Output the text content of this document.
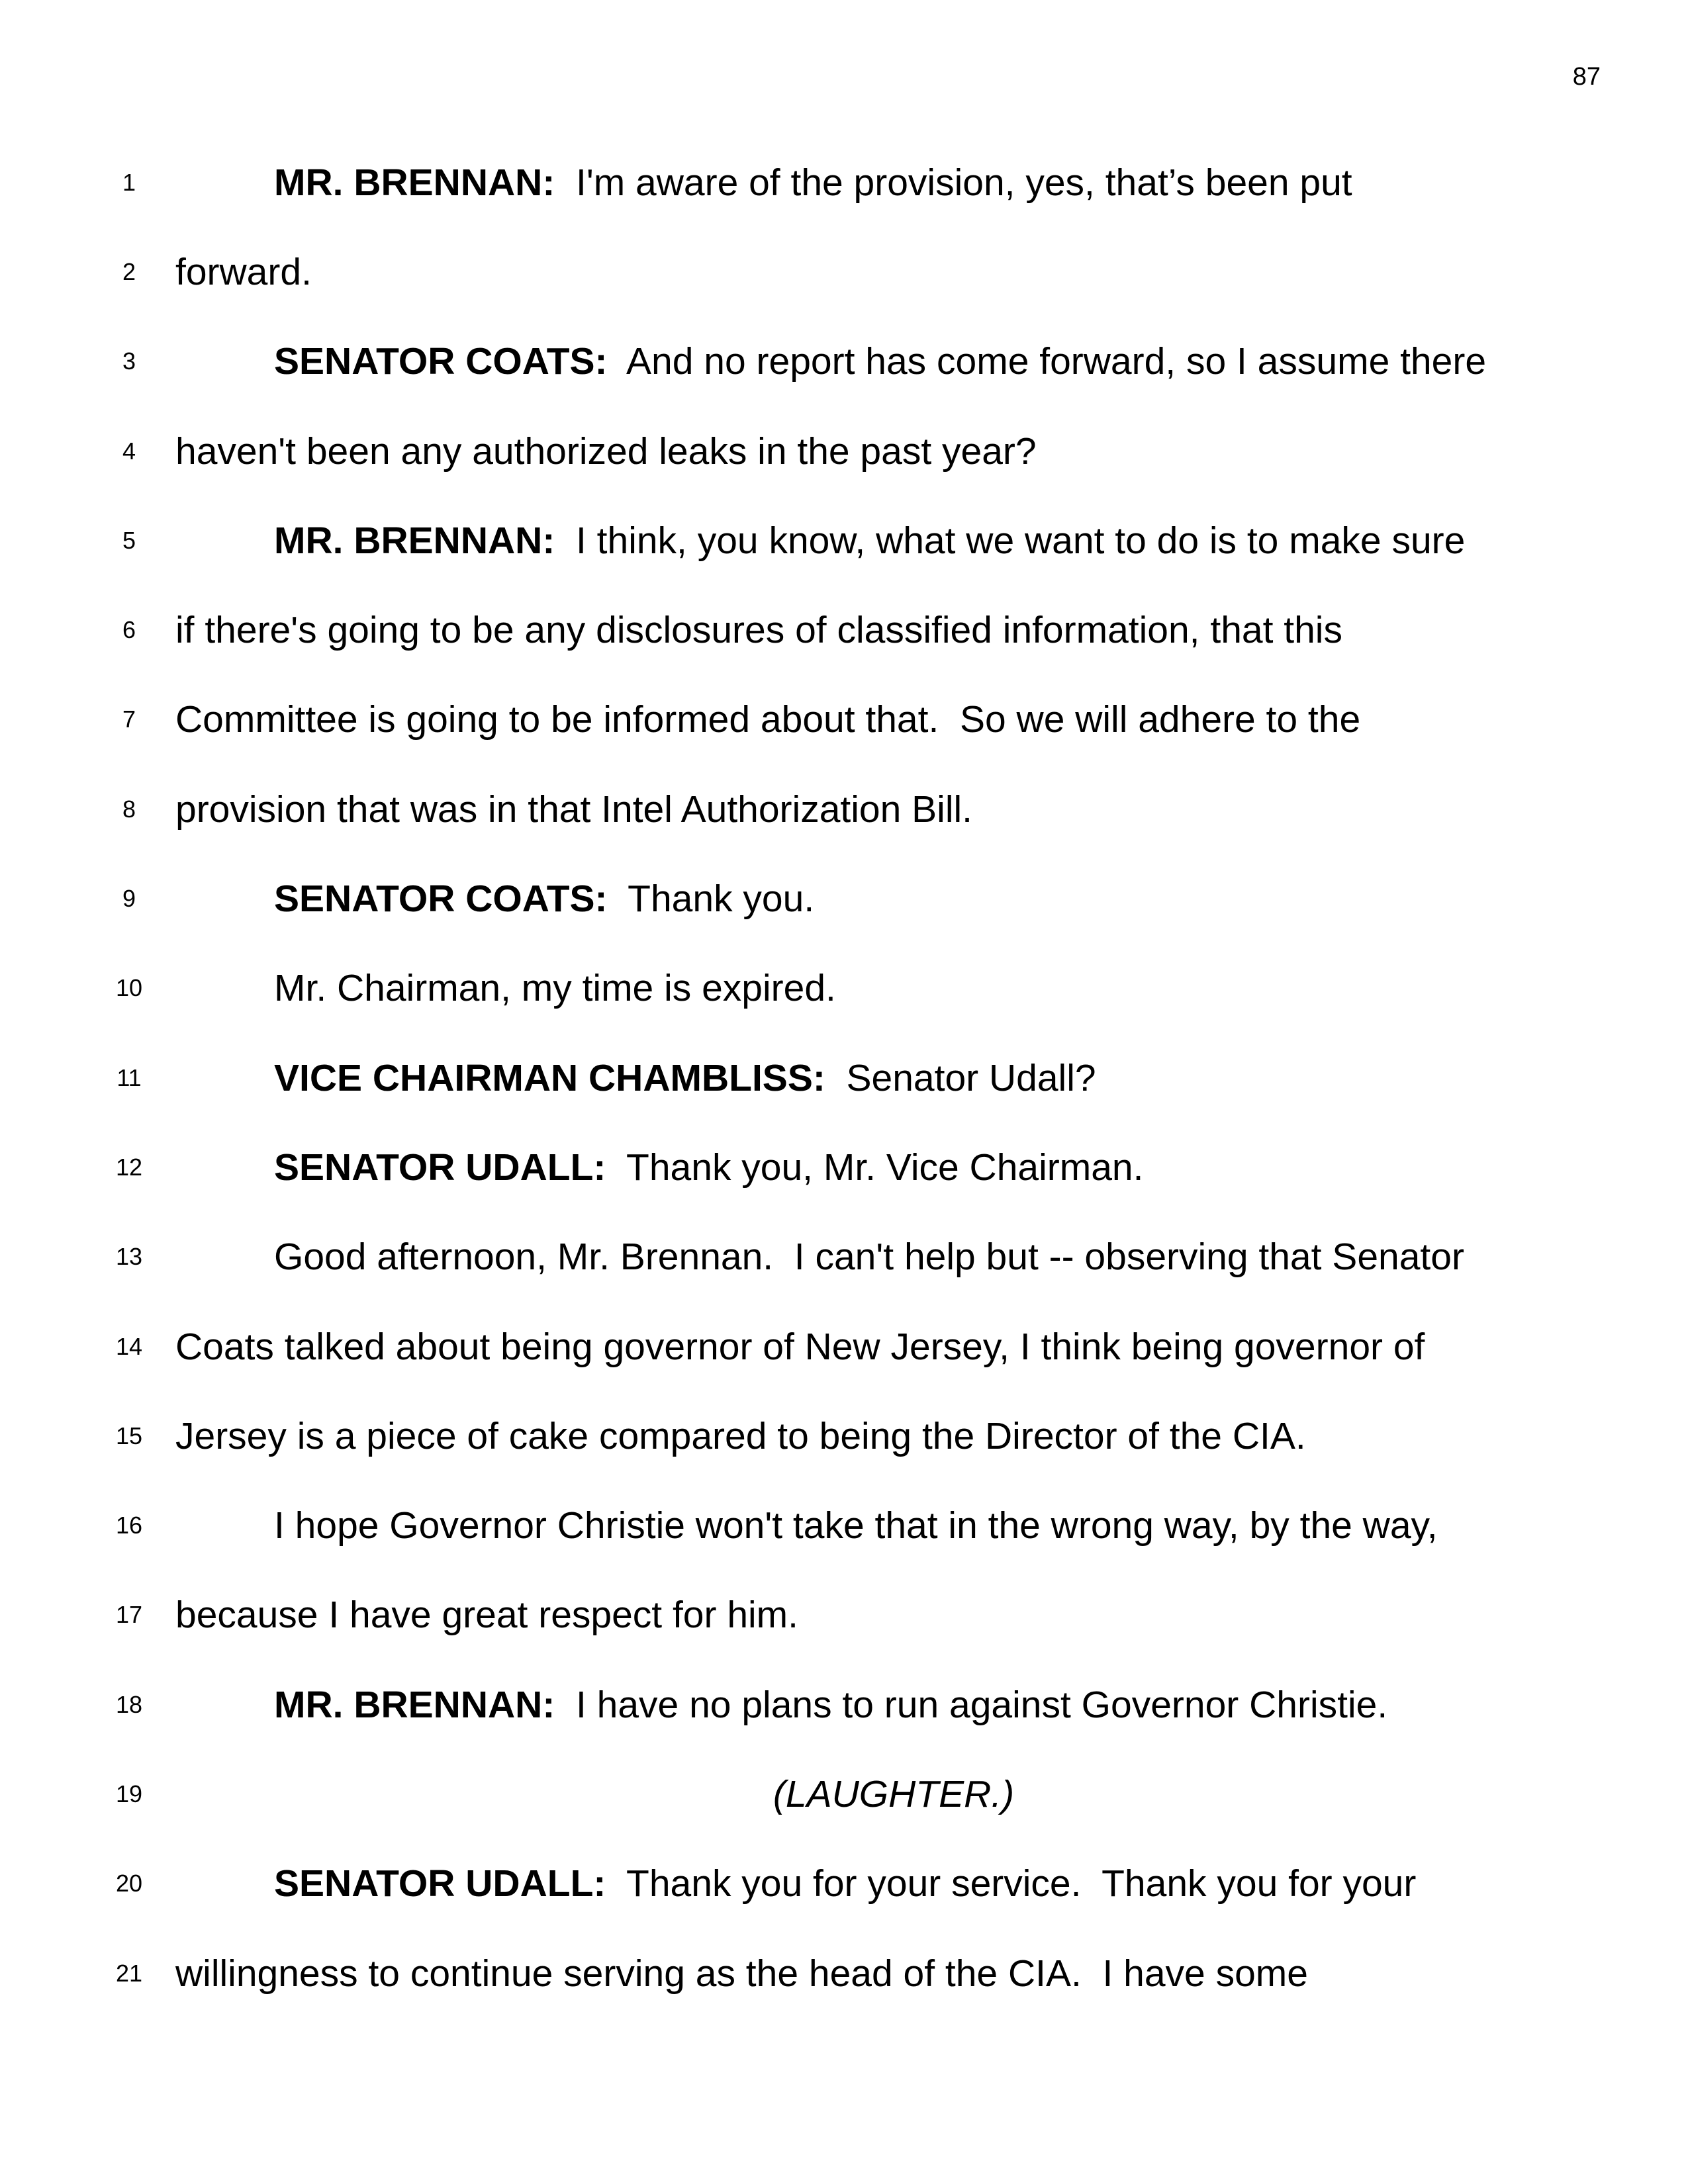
87
1	MR. BRENNAN:  I'm aware of the provision, yes, that’s been put
2	forward.
3	SENATOR COATS:  And no report has come forward, so I assume there
4	haven't been any authorized leaks in the past year?
5	MR. BRENNAN:  I think, you know, what we want to do is to make sure
6	if there's going to be any disclosures of classified information, that this
7	Committee is going to be informed about that.  So we will adhere to the
8	provision that was in that Intel Authorization Bill.
9	SENATOR COATS:  Thank you.
10	Mr. Chairman, my time is expired.
11	VICE CHAIRMAN CHAMBLISS:  Senator Udall?
12	SENATOR UDALL:  Thank you, Mr. Vice Chairman.
13	Good afternoon, Mr. Brennan.  I can't help but -- observing that Senator
14 Coats talked about being governor of New Jersey, I think being governor of
15 Jersey is a piece of cake compared to being the Director of the CIA.
16	I hope Governor Christie won't take that in the wrong way, by the way,
17 because I have great respect for him.
18	MR. BRENNAN:  I have no plans to run against Governor Christie.
19	(LAUGHTER.)
20	SENATOR UDALL:  Thank you for your service.  Thank you for your
21 willingness to continue serving as the head of the CIA.  I have some
